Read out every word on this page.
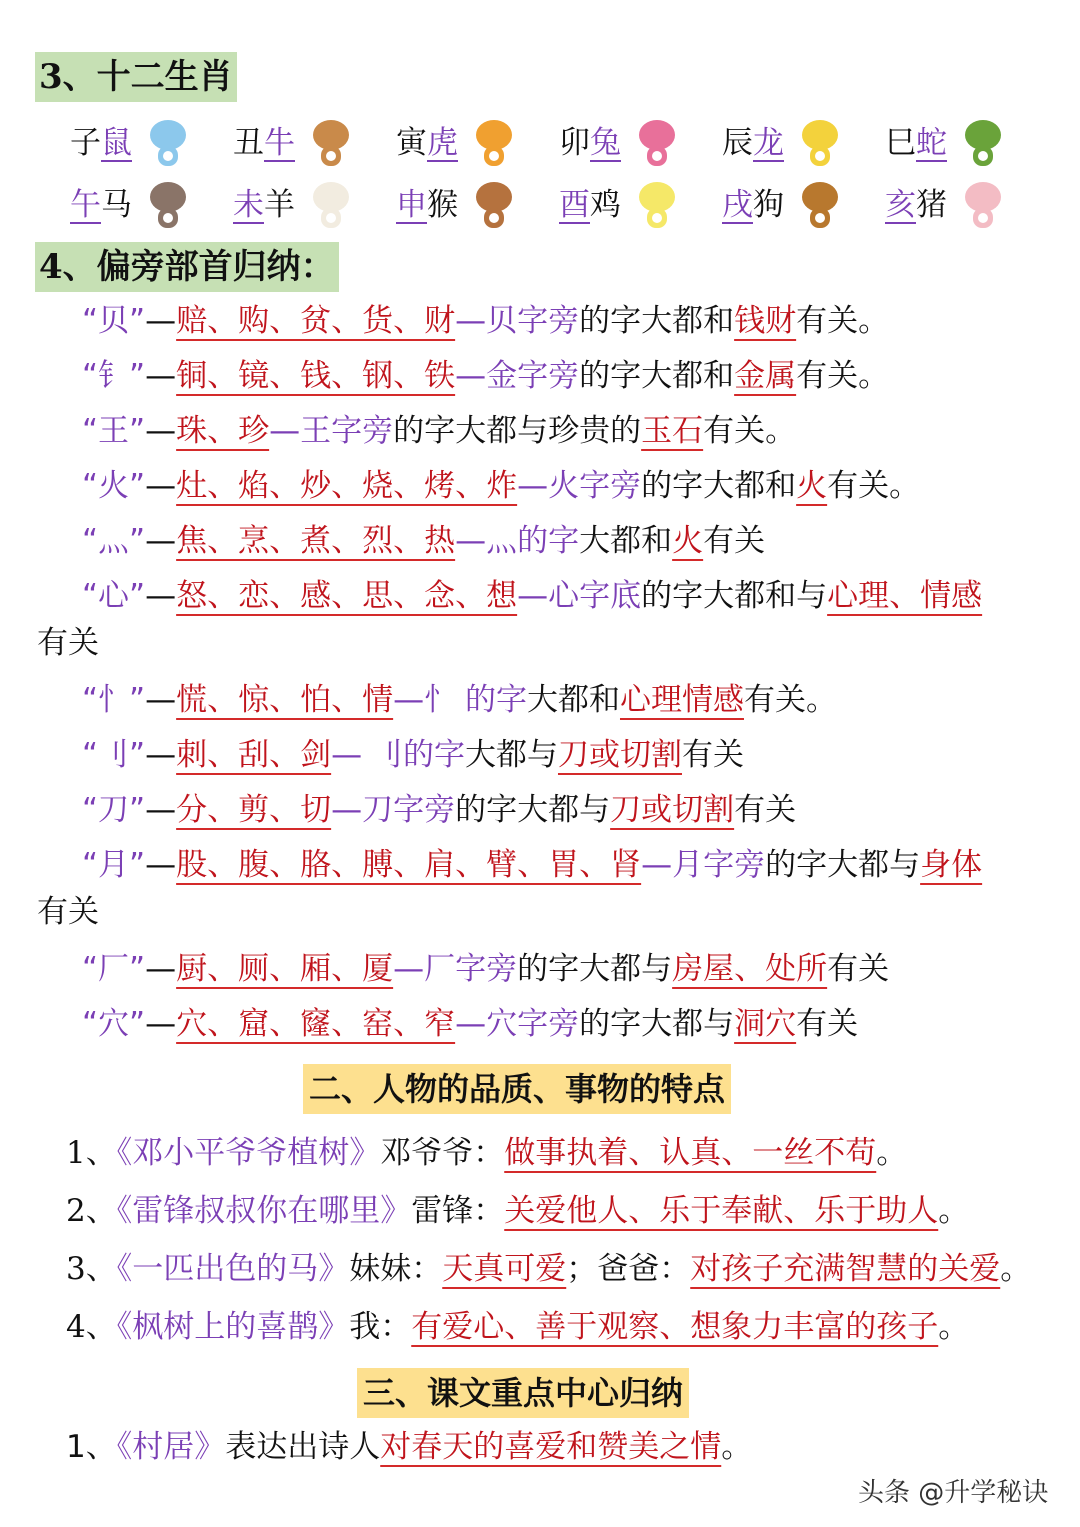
3、十二生肖
子 鼠	丑 牛	寅 虎	卯 兔	辰 龙	巳 蛇
午 马	未 羊	申 猴	酉 鸡	戌 狗	亥 猪
4、偏旁部首归纳：
“贝”—赔、购、贫、货、财—贝字旁的字大都和钱财有关。
“钅”—铜、镜、钱、钢、铁—金字旁的字大都和金属有关。
“王”—珠、珍—王字旁的字大都与珍贵的玉石有关。
“火”—灶、焰、炒、烧、烤、炸—火字旁的字大都和火有关。
“灬”—焦、烹、煮、烈、热—灬的字大都和火有关
“心”—怒、恋、感、思、念、想—心字底的字大都和与心理、情感
有关
“忄”—慌、惊、怕、情—忄 的字大都和心理情感有关。
“刂”—刺、刮、剑— 刂的字大都与刀或切割有关
“刀”—分、剪、切—刀字旁的字大都与刀或切割有关
“月”—股、腹、胳、膊、肩、臂、胃、肾—月字旁的字大都与身体
有关
“厂”—厨、厕、厢、厦—厂字旁的字大都与房屋、处所有关
“穴”—穴、窟、窿、窑、窄—穴字旁的字大都与洞穴有关
二、人物的品质、事物的特点
1、《邓小平爷爷植树》邓爷爷：做事执着、认真、一丝不苟。
2、《雷锋叔叔你在哪里》雷锋：关爱他人、乐于奉献、乐于助人。
3、《一匹出色的马》妹妹：天真可爱；爸爸：对孩子充满智慧的关爱。
4、《枫树上的喜鹊》我：有爱心、善于观察、想象力丰富的孩子。
三、课文重点中心归纳
1、《村居》表达出诗人对春天的喜爱和赞美之情。
头条 @升学秘诀
